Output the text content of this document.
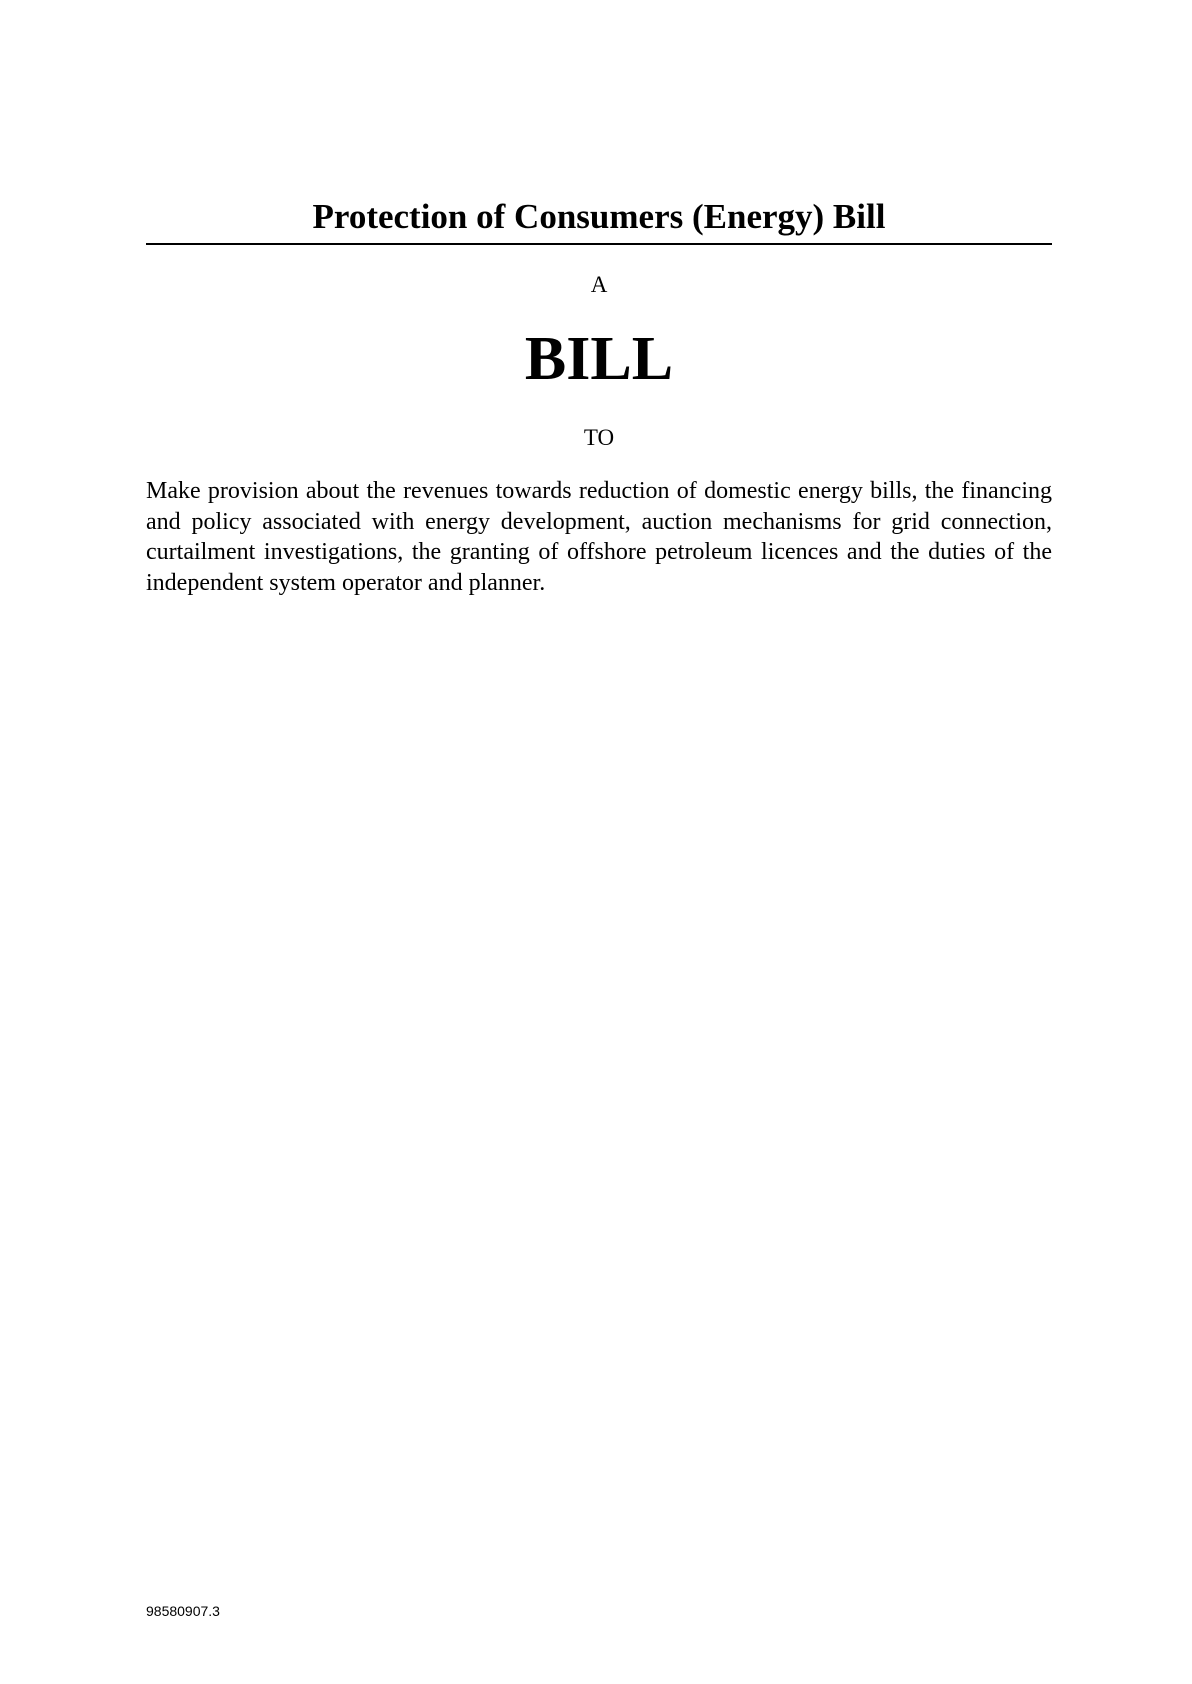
Protection of Consumers (Energy) Bill
A
BILL
TO

Make provision about the revenues towards reduction of domestic energy bills, the financing and policy associated with energy development, auction mechanisms for grid connection, curtailment investigations, the granting of offshore petroleum licences and the duties of the independent system operator and planner.

98580907.3
